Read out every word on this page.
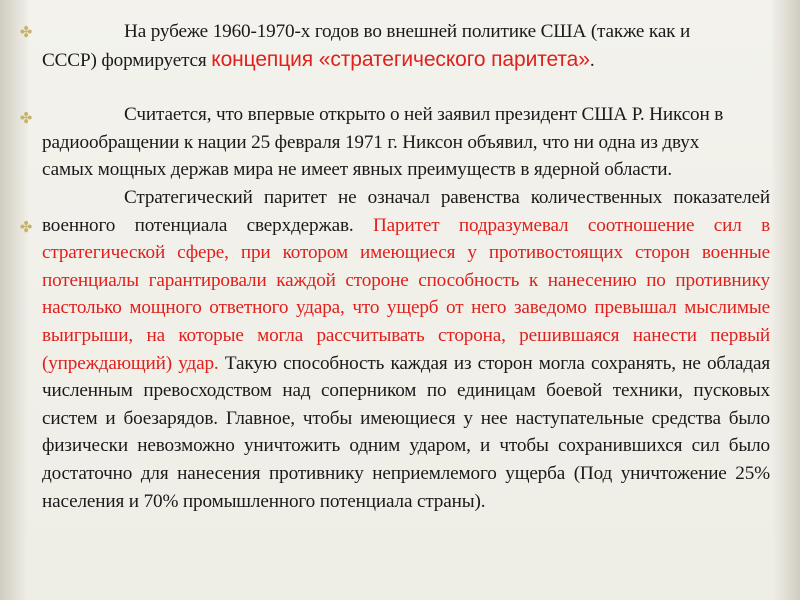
✤
✤
✤

На рубеже 1960-1970-х годов во внешней политике США (также как и СССР) формируется концепция «стратегического паритета».

Считается, что впервые открыто о ней заявил президент США Р. Никсон в радиообращении к нации 25 февраля 1971 г. Никсон объявил, что ни одна из двух самых мощных держав мира не имеет явных преимуществ в ядерной области.

Стратегический паритет не означал равенства количественных показателей военного потенциала сверхдержав. Паритет подразумевал соотношение сил в стратегической сфере, при котором имеющиеся у противостоящих сторон военные потенциалы гарантировали каждой стороне способность к нанесению по противнику настолько мощного ответного удара, что ущерб от него заведомо превышал мыслимые выигрыши, на которые могла рассчитывать сторона, решившаяся нанести первый (упреждающий) удар. Такую способность каждая из сторон могла сохранять, не обладая численным превосходством над соперником по единицам боевой техники, пусковых систем и боезарядов. Главное, чтобы имеющиеся у нее наступательные средства было физически невозможно уничтожить одним ударом, и чтобы сохранившихся сил было достаточно для нанесения противнику неприемлемого ущерба (Под уничтожение 25% населения и 70% промышленного потенциала страны).
